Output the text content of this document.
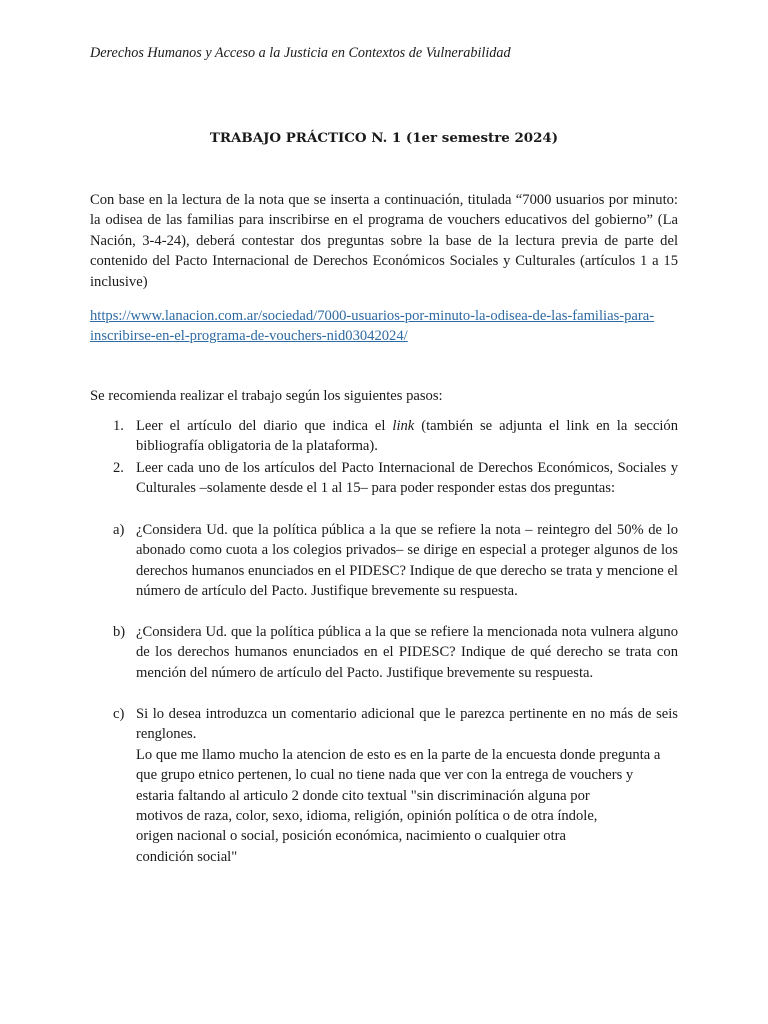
Derechos Humanos y Acceso a la Justicia en Contextos de Vulnerabilidad
TRABAJO PRÁCTICO N. 1 (1er semestre 2024)

Con base en la lectura de la nota que se inserta a continuación, titulada “7000 usuarios por minuto: la odisea de las familias para inscribirse en el programa de vouchers educativos del gobierno” (La Nación, 3-4-24), deberá contestar dos preguntas sobre la base de la lectura previa de parte del contenido del Pacto Internacional de Derechos Económicos Sociales y Culturales (artículos 1 a 15 inclusive)

https://www.lanacion.com.ar/sociedad/7000-usuarios-por-minuto-la-odisea-de-las-familias-para-
inscribirse-en-el-programa-de-vouchers-nid03042024/

Se recomienda realizar el trabajo según los siguientes pasos:

1. Leer el artículo del diario que indica el link (también se adjunta el link en la sección bibliografía obligatoria de la plataforma).
2. Leer cada uno de los artículos del Pacto Internacional de Derechos Económicos, Sociales y Culturales –solamente desde el 1 al 15– para poder responder estas dos preguntas:
a) ¿Considera Ud. que la política pública a la que se refiere la nota – reintegro del 50% de lo abonado como cuota a los colegios privados– se dirige en especial a proteger algunos de los derechos humanos enunciados en el PIDESC? Indique de que derecho se trata y mencione el número de artículo del Pacto. Justifique brevemente su respuesta.
b) ¿Considera Ud. que la política pública a la que se refiere la mencionada nota vulnera alguno de los derechos humanos enunciados en el PIDESC? Indique de qué derecho se trata con mención del número de artículo del Pacto. Justifique brevemente su respuesta.
c) Si lo desea introduzca un comentario adicional que le parezca pertinente en no más de seis renglones.
Lo que me llamo mucho la atencion de esto es en la parte de la encuesta donde pregunta a
que grupo etnico pertenen, lo cual no tiene nada que ver con la entrega de vouchers y
estaria faltando al articulo 2 donde cito textual "sin discriminación alguna por
motivos de raza, color, sexo, idioma, religión, opinión política o de otra índole,
origen nacional o social, posición económica, nacimiento o cualquier otra
condición social"
